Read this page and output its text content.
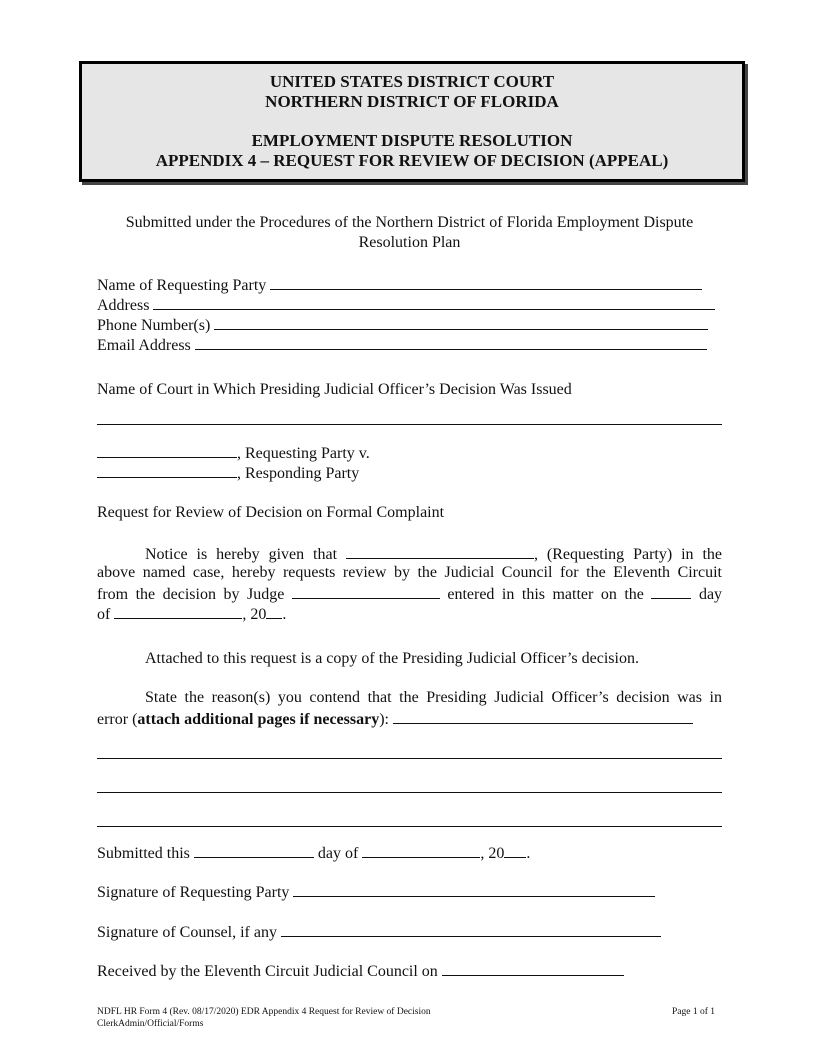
UNITED STATES DISTRICT COURT
NORTHERN DISTRICT OF FLORIDA
EMPLOYMENT DISPUTE RESOLUTION
APPENDIX 4 – REQUEST FOR REVIEW OF DECISION (APPEAL)
Submitted under the Procedures of the Northern District of Florida Employment Dispute
Resolution Plan
Name of Requesting Party
Address
Phone Number(s)
Email Address
Name of Court in Which Presiding Judicial Officer’s Decision Was Issued
, Requesting Party v.
, Responding Party
Request for Review of Decision on Formal Complaint
Notice is hereby given that	, (Requesting Party) in the
above named case, hereby requests review by the Judicial Council for the Eleventh Circuit
from the decision by Judge	entered in this matter on the	day
of	, 20 .
Attached to this request is a copy of the Presiding Judicial Officer’s decision.
State the reason(s) you contend that the Presiding Judicial Officer’s decision was in
error (attach additional pages if necessary):
Submitted this	day of	, 20 .
Signature of Requesting Party
Signature of Counsel, if any
Received by the Eleventh Circuit Judicial Council on
NDFL HR Form 4 (Rev. 08/17/2020) EDR Appendix 4 Request for Review of Decision
ClerkAdmin/Official/Forms
Page 1 of 1
